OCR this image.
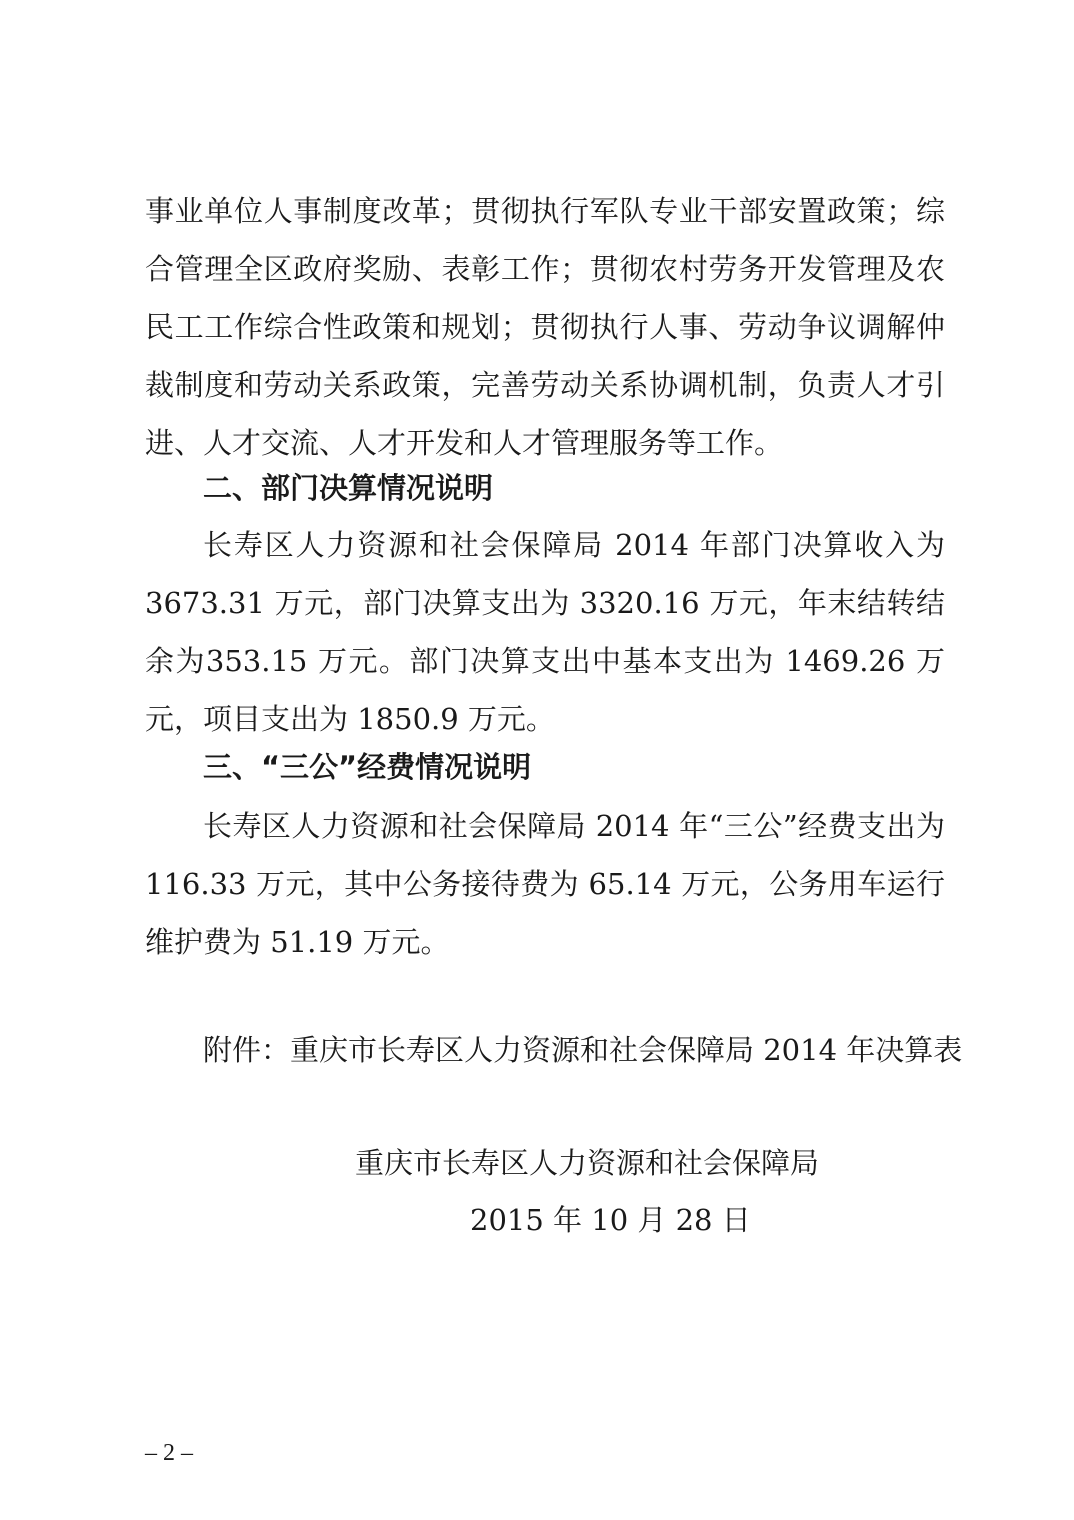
事业单位人事制度改革；贯彻执行军队专业干部安置政策；综合管理全区政府奖励、表彰工作；贯彻农村劳务开发管理及农民工工作综合性政策和规划；贯彻执行人事、劳动争议调解仲裁制度和劳动关系政策，完善劳动关系协调机制，负责人才引进、人才交流、人才开发和人才管理服务等工作。

二、部门决算情况说明

长寿区人力资源和社会保障局 2014 年部门决算收入为3673.31 万元，部门决算支出为 3320.16 万元，年末结转结余为353.15 万元。部门决算支出中基本支出为 1469.26 万元，项目支出为 1850.9 万元。

三、“三公”经费情况说明

长寿区人力资源和社会保障局 2014 年“三公”经费支出为116.33 万元，其中公务接待费为 65.14 万元，公务用车运行维护费为 51.19 万元。

附件：重庆市长寿区人力资源和社会保障局 2014 年决算表

重庆市长寿区人力资源和社会保障局

2015 年 10 月 28 日

– 2 –
